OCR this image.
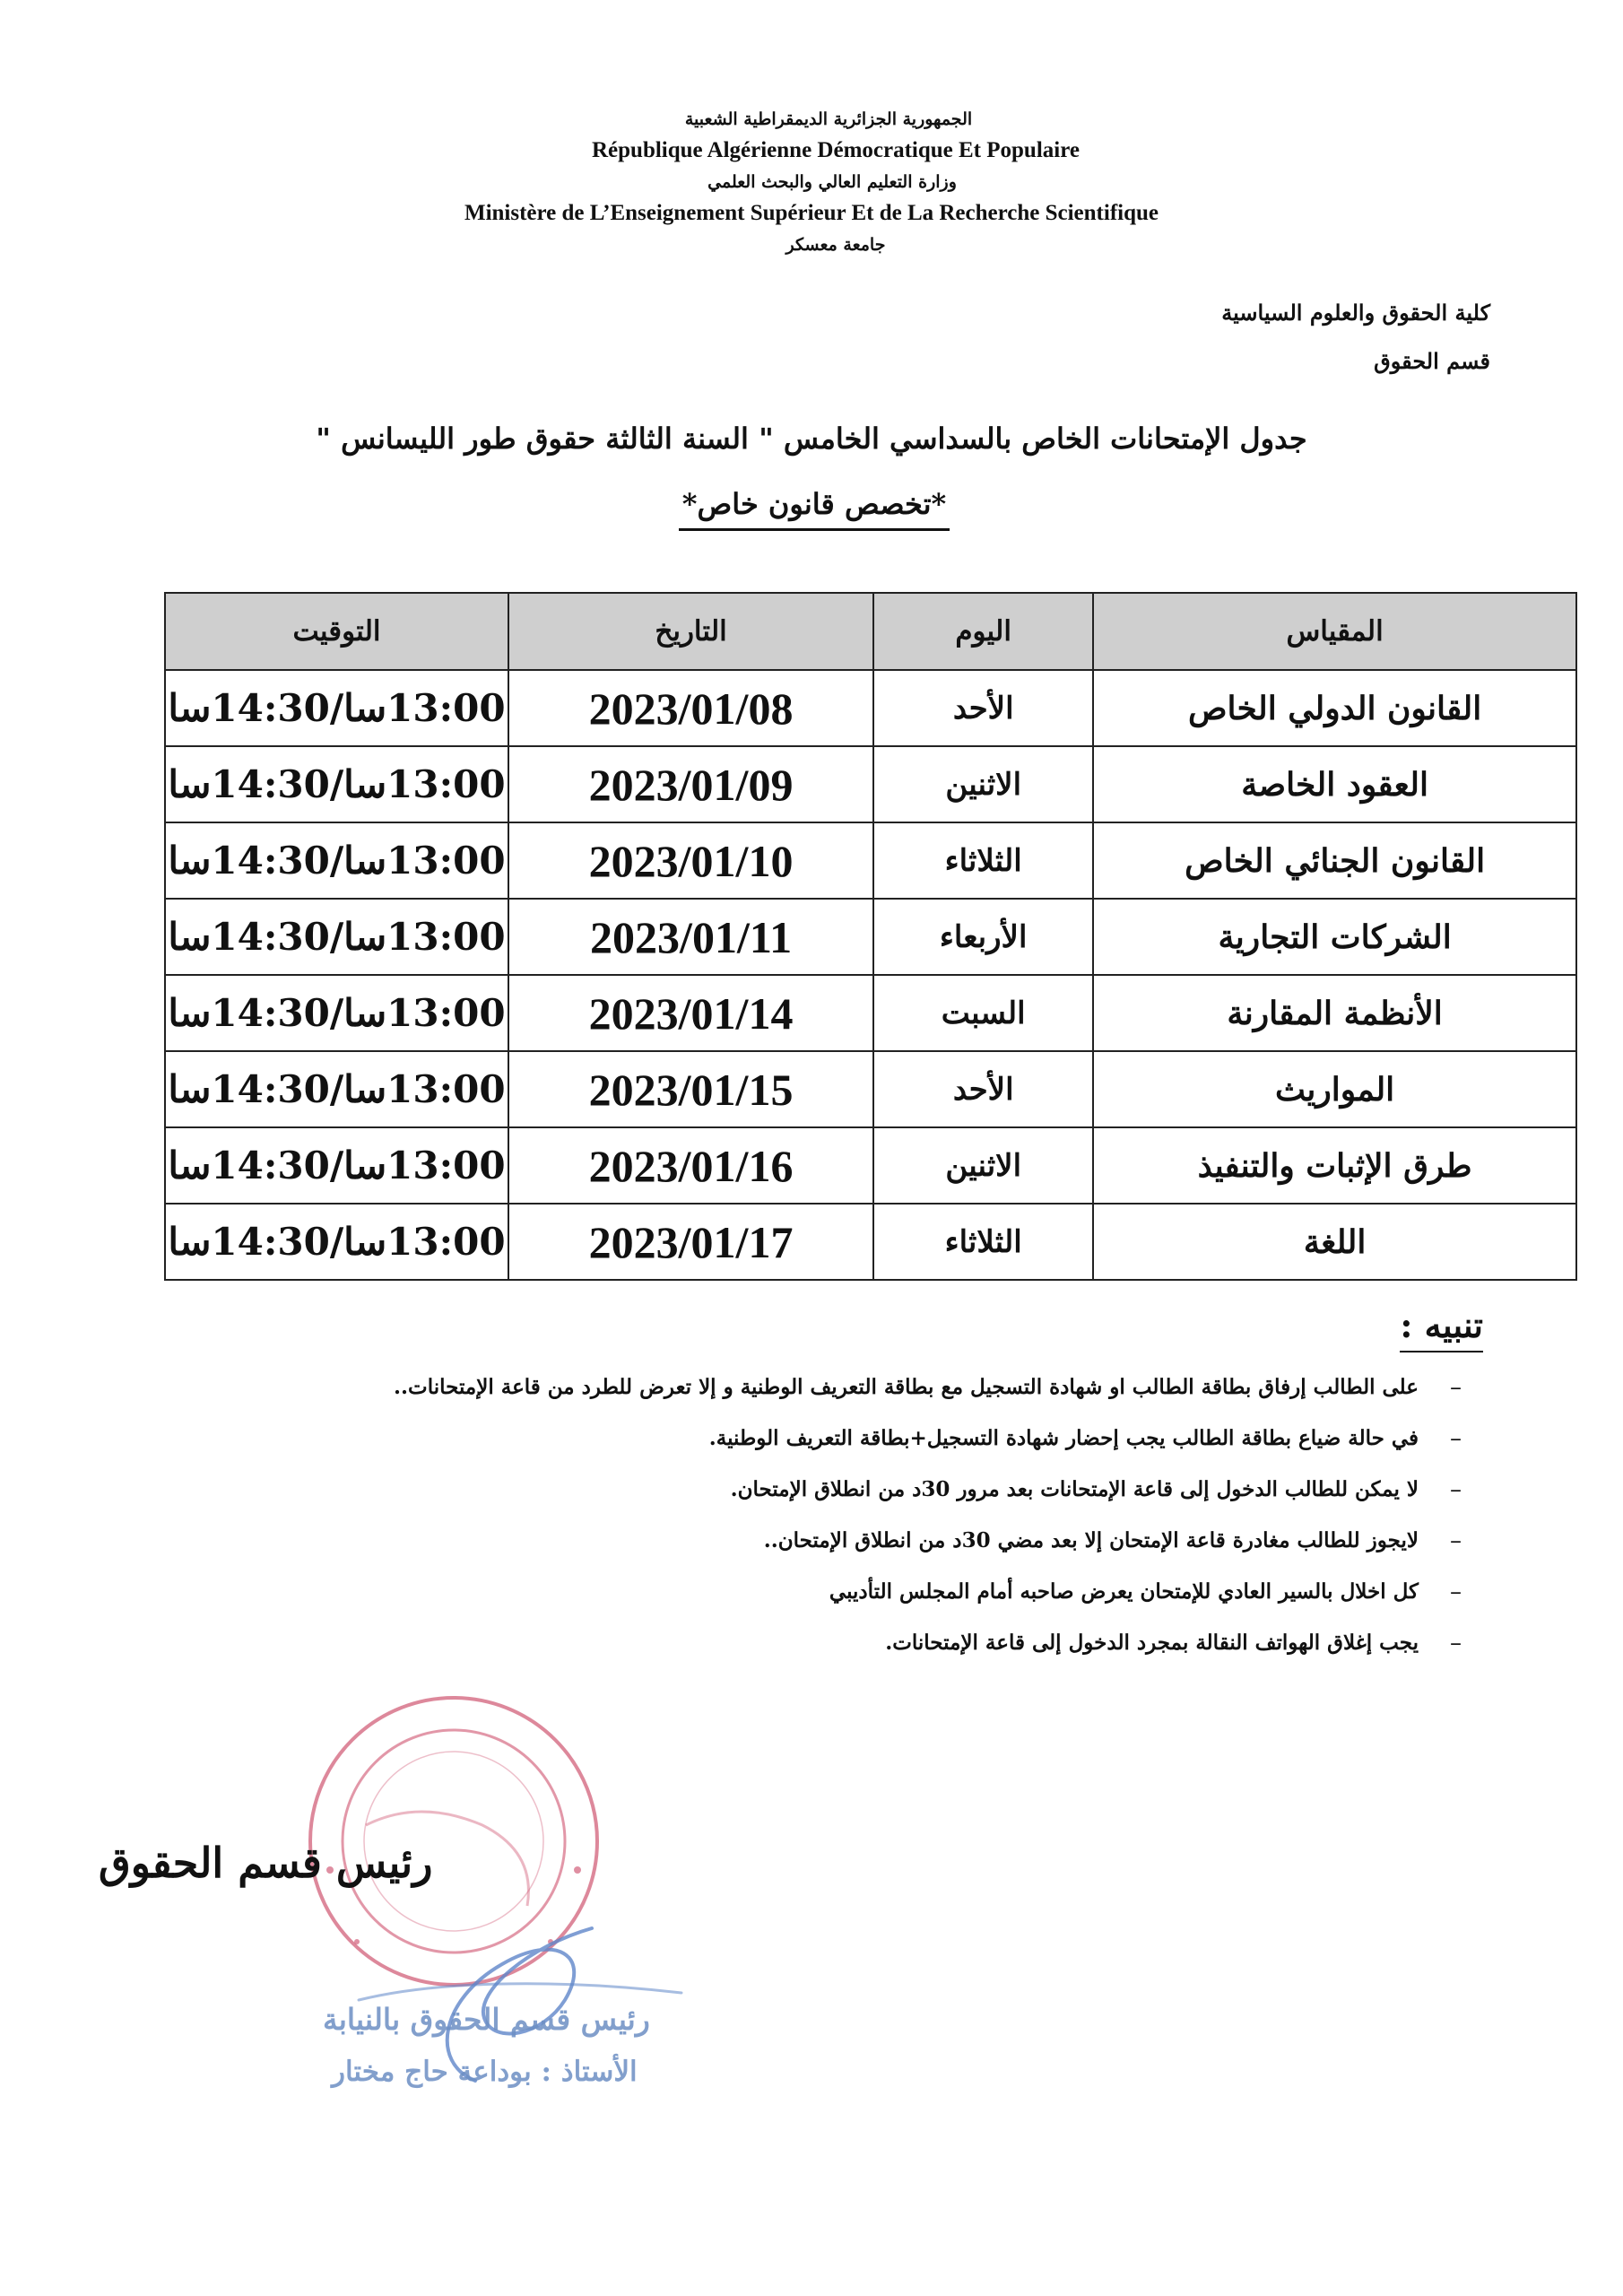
الجمهورية الجزائرية الديمقراطية الشعبية
République Algérienne Démocratique Et Populaire
وزارة التعليم العالي والبحث العلمي
Ministère de L’Enseignement Supérieur Et de La Recherche Scientifique
جامعة معسكر
كلية الحقوق والعلوم السياسية
قسم الحقوق
جدول الإمتحانات الخاص بالسداسي الخامس " السنة الثالثة حقوق طور الليسانس "
*تخصص قانون خاص*
المقياس	اليوم	التاريخ	التوقيت
القانون الدولي الخاص	الأحد	2023/01/08	13:00سا/14:30سا
العقود الخاصة	الاثنين	2023/01/09	13:00سا/14:30سا
القانون الجنائي الخاص	الثلاثاء	2023/01/10	13:00سا/14:30سا
الشركات التجارية	الأربعاء	2023/01/11	13:00سا/14:30سا
الأنظمة المقارنة	السبت	2023/01/14	13:00سا/14:30سا
المواريث	الأحد	2023/01/15	13:00سا/14:30سا
طرق الإثبات والتنفيذ	الاثنين	2023/01/16	13:00سا/14:30سا
اللغة	الثلاثاء	2023/01/17	13:00سا/14:30سا
تنبيه :
–
على الطالب إرفاق بطاقة الطالب او شهادة التسجيل مع بطاقة التعريف الوطنية و إلا تعرض للطرد من قاعة الإمتحانات..
–
في حالة ضياع بطاقة الطالب يجب إحضار شهادة التسجيل+بطاقة التعريف الوطنية.
–
لا يمكن للطالب الدخول إلى قاعة الإمتحانات بعد مرور 30د من انطلاق الإمتحان.
–
لايجوز للطالب مغادرة قاعة الإمتحان إلا بعد مضي 30د من انطلاق الإمتحان..
–
كل اخلال بالسير العادي للإمتحان يعرض صاحبه أمام المجلس التأديبي
–
يجب إغلاق الهواتف النقالة بمجرد الدخول إلى قاعة الإمتحانات.
رئيس قسم الحقوق
رئيس قسم الحقوق بالنيابة
الأستاذ : بوداعة حاج مختار
